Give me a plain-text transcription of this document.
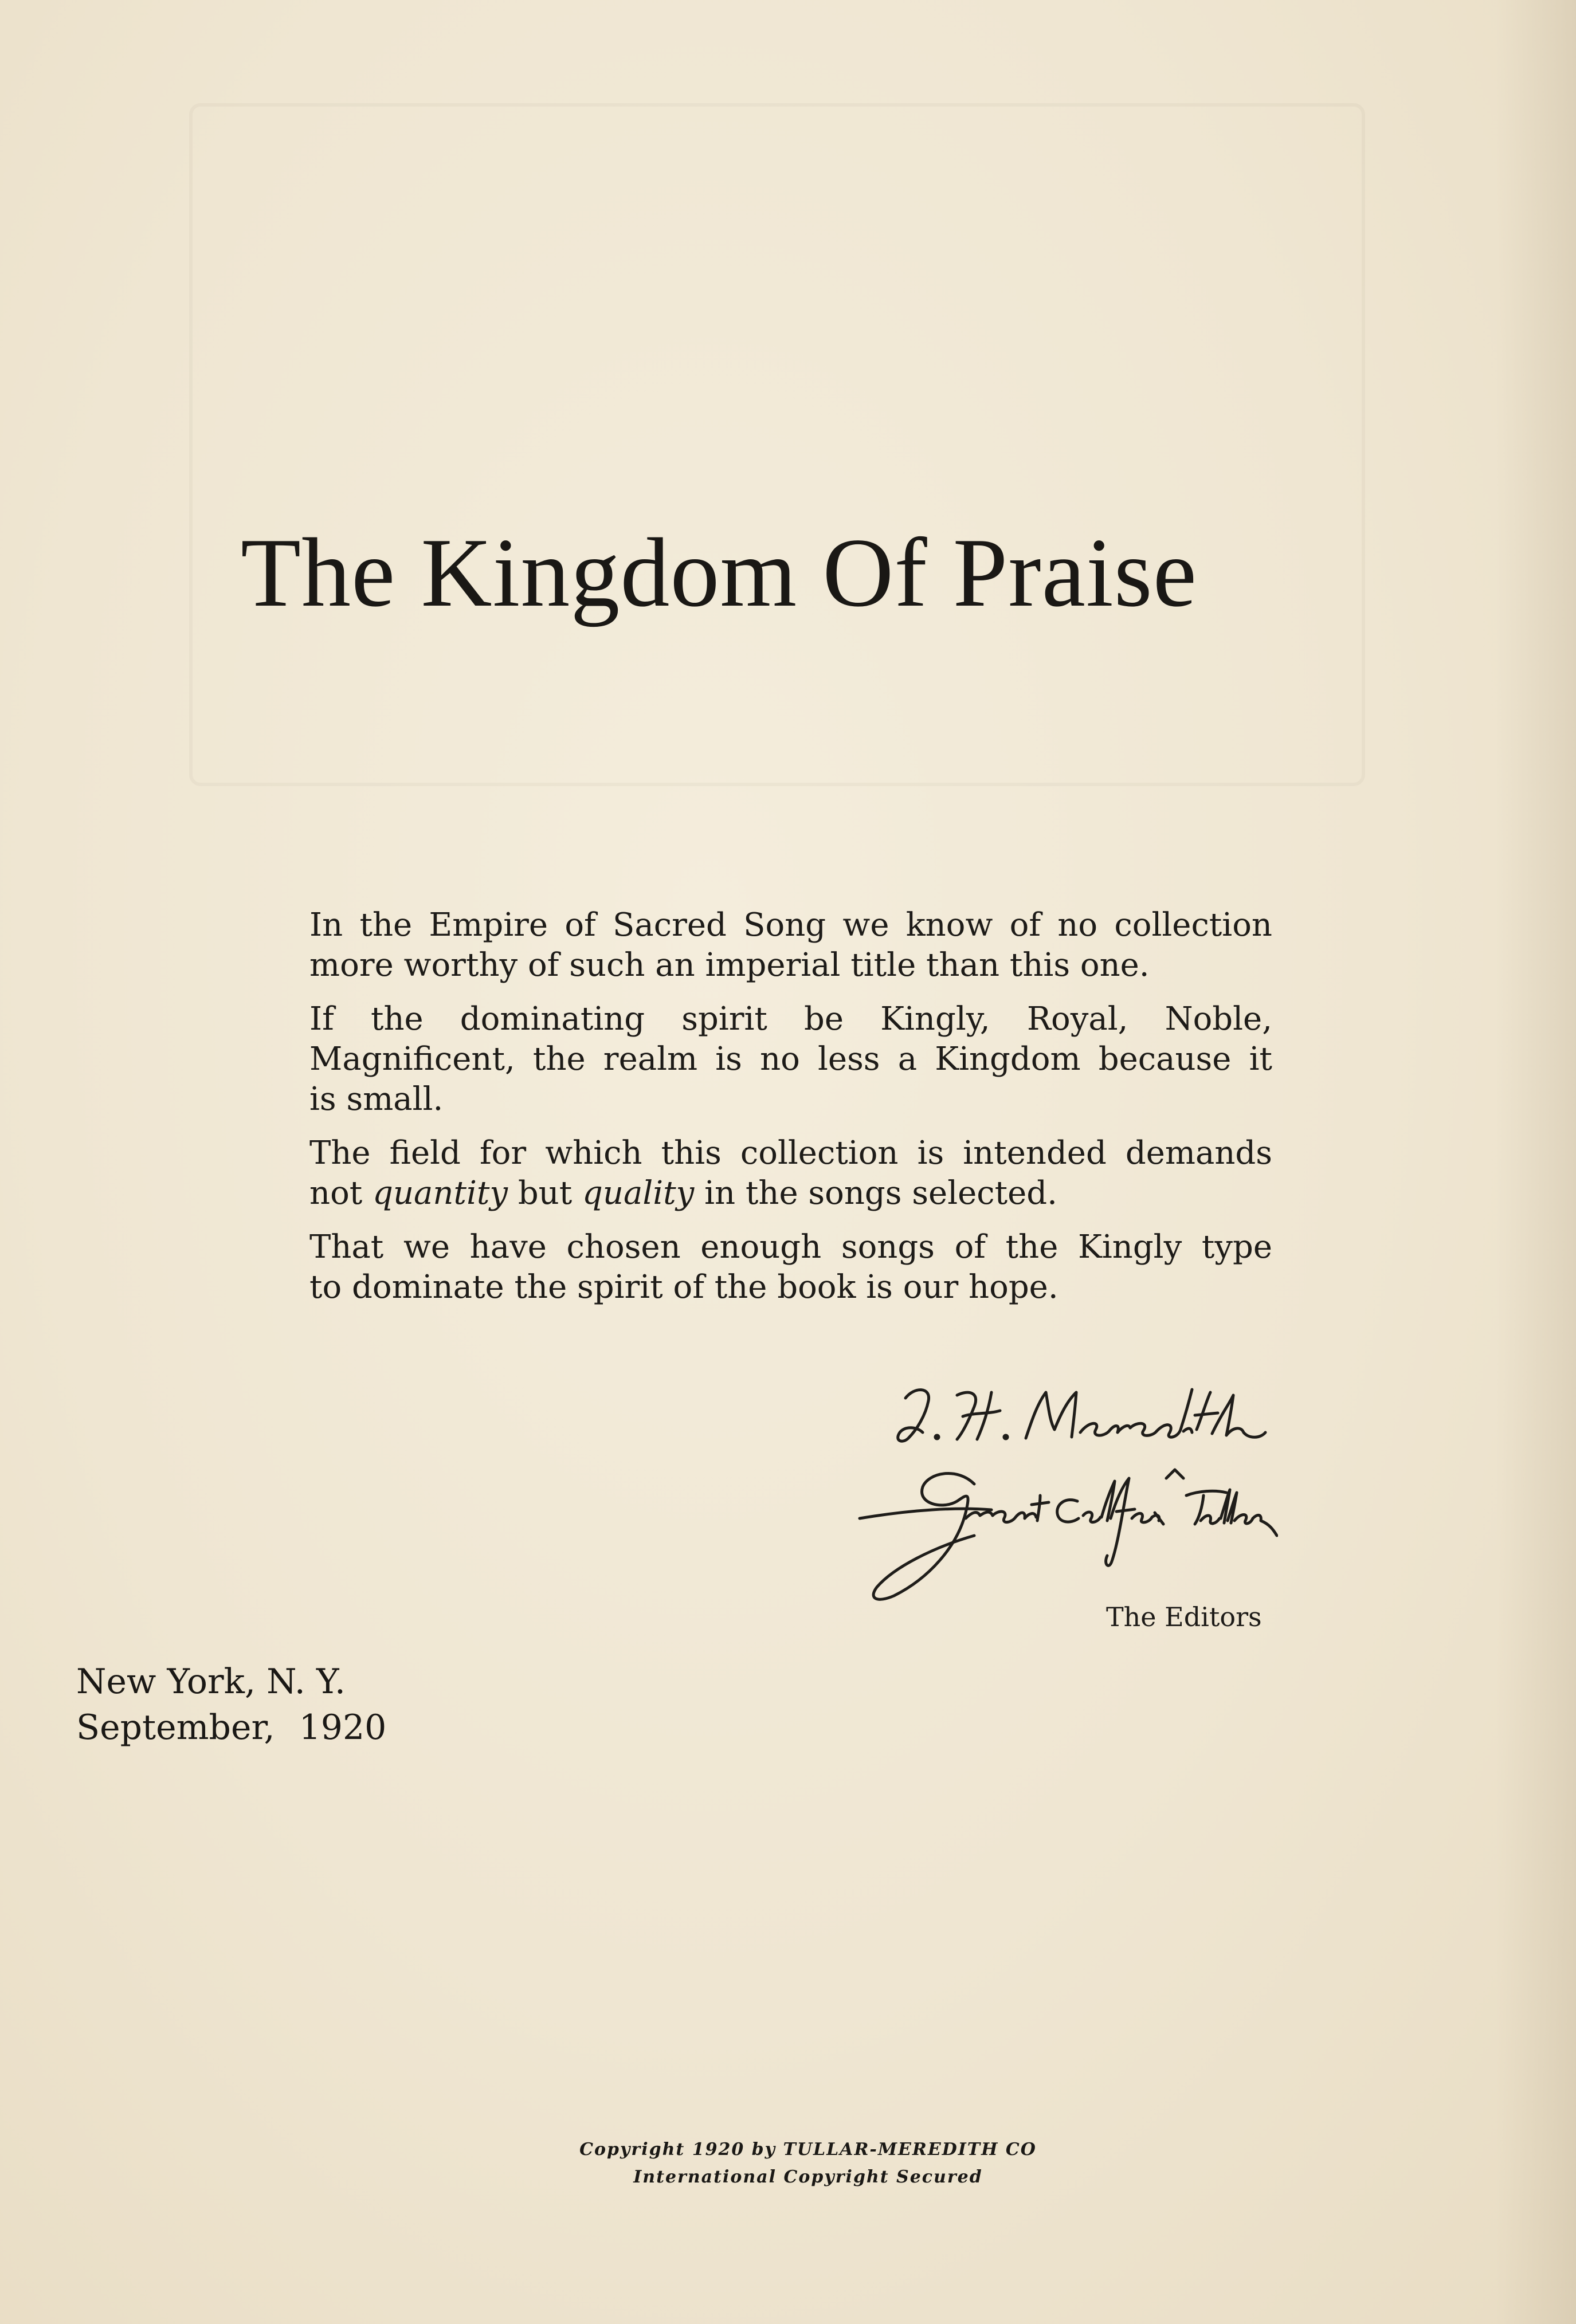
The Kingdom Of Praise

In the Empire of Sacred Song we know of no collection
more worthy of such an imperial title than this one.

If the dominating spirit be Kingly, Royal, Noble,
Magnificent, the realm is no less a Kingdom because it
is small.

The field for which this collection is intended demands
not quantity but quality in the songs selected.

That we have chosen enough songs of the Kingly type
to dominate the spirit of the book is our hope.

The Editors
New York, N. Y.
September, 1920
Copyright 1920 by TULLAR-MEREDITH CO
International Copyright Secured
